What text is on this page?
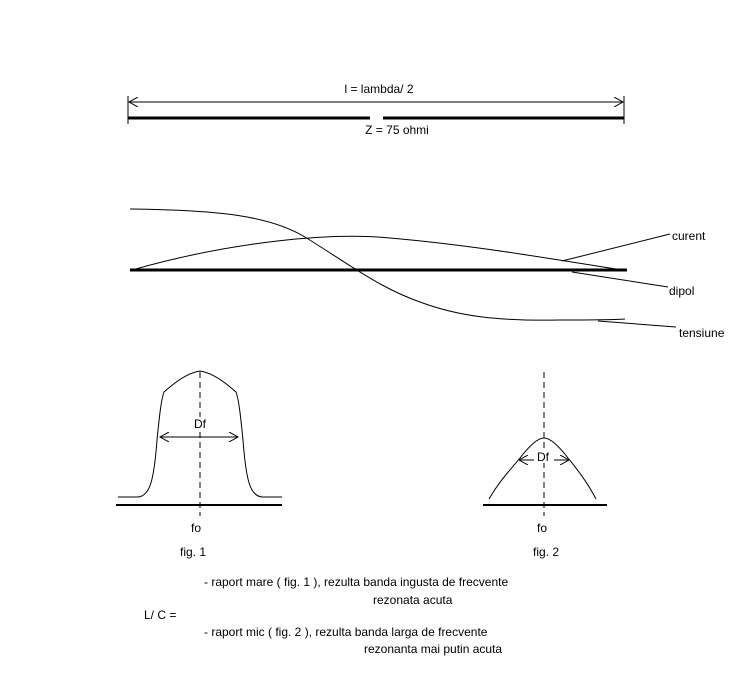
l = lambda/ 2
Z = 75 ohmi
curent
dipol
tensiune
Df
fo
fig. 1
Df
fo
fig. 2
L/ C =
- raport mare ( fig. 1 ), rezulta banda ingusta de frecvente
rezonata acuta
- raport mic ( fig. 2 ), rezulta banda larga de frecvente
rezonanta mai putin acuta
